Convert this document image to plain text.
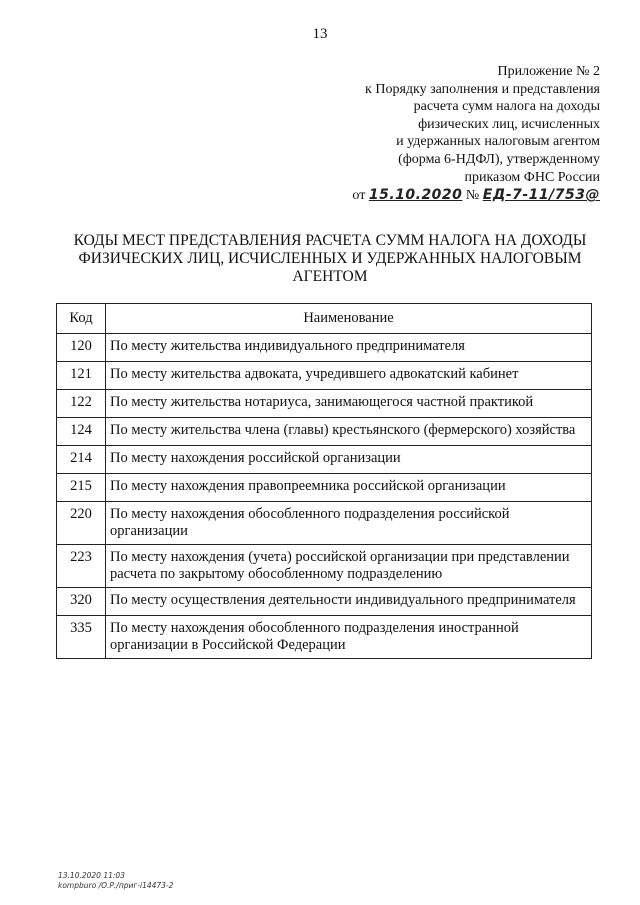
13
Приложение № 2
к Порядку заполнения и представления
расчета сумм налога на доходы
физических лиц, исчисленных
и удержанных налоговым агентом
(форма 6-НДФЛ), утвержденному
приказом ФНС России
от 15.10.2020 № ЕД-7-11/753@
КОДЫ МЕСТ ПРЕДСТАВЛЕНИЯ РАСЧЕТА СУММ НАЛОГА НА ДОХОДЫ
ФИЗИЧЕСКИХ ЛИЦ, ИСЧИСЛЕННЫХ И УДЕРЖАННЫХ НАЛОГОВЫМ
АГЕНТОМ
Код	Наименование
120	По месту жительства индивидуального предпринимателя
121	По месту жительства адвоката, учредившего адвокатский кабинет
122	По месту жительства нотариуса, занимающегося частной практикой
124	По месту жительства члена (главы) крестьянского (фермерского) хозяйства
214	По месту нахождения российской организации
215	По месту нахождения правопреемника российской организации
220	По месту нахождения обособленного подразделения российской организации
223	По месту нахождения (учета) российской организации при представлении расчета по закрытому обособленному подразделению
320	По месту осуществления деятельности индивидуального предпринимателя
335	По месту нахождения обособленного подразделения иностранной организации в Российской Федерации
13.10.2020 11:03
kompburo /О.Р./приг-i14473-2
